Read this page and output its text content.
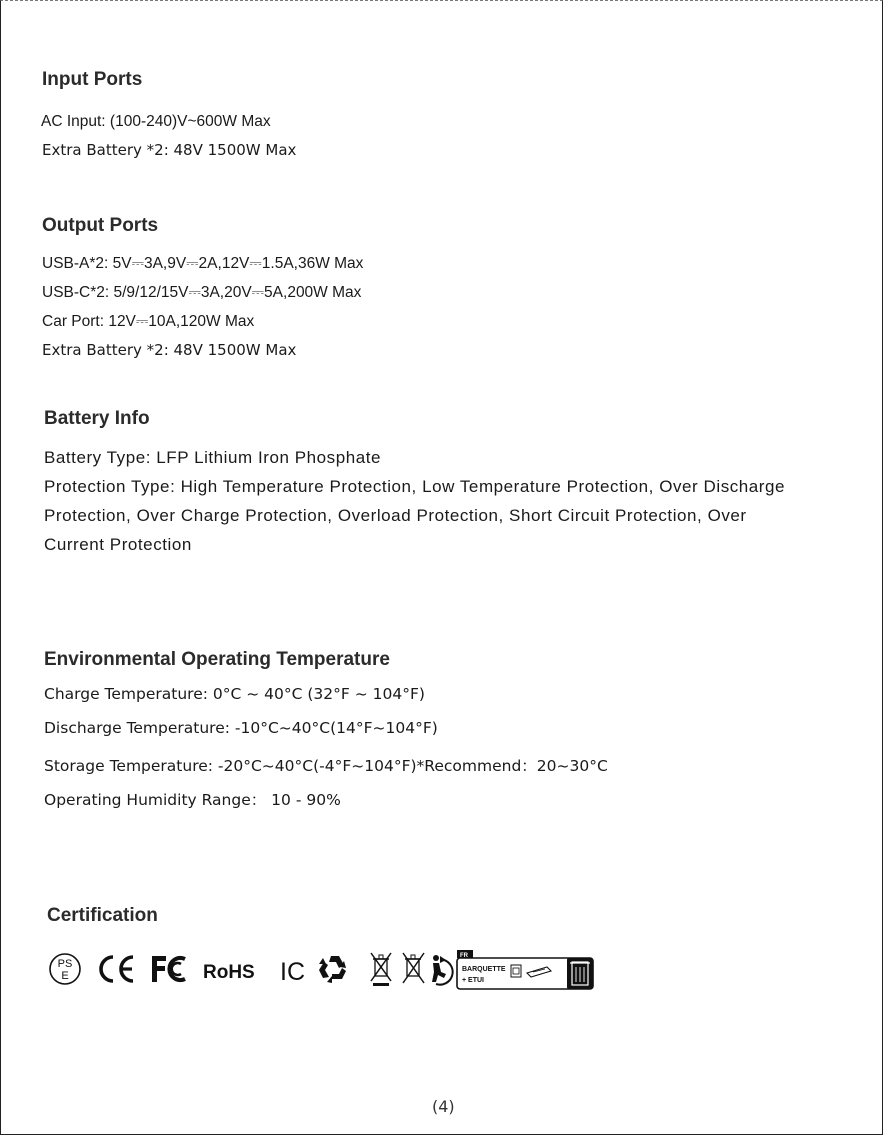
Input Ports

AC Input: (100-240)V~600W Max

Extra Battery *2: 48V 1500W Max

Output Ports

USB-A*2: 5V⎓3A,9V⎓2A,12V⎓1.5A,36W Max

USB-C*2: 5/9/12/15V⎓3A,20V⎓5A,200W Max

Car Port: 12V⎓10A,120W Max

Extra Battery *2: 48V 1500W Max

Battery Info

Battery Type: LFP Lithium Iron Phosphate

Protection Type: High Temperature Protection, Low Temperature Protection, Over Discharge Protection, Over Charge Protection, Overload Protection, Short Circuit Protection, Over Current Protection

Environmental Operating Temperature

Charge Temperature: 0°C ~ 40°C (32°F ~ 104°F)

Discharge Temperature: -10°C~40°C(14°F~104°F)

Storage Temperature: -20°C~40°C(-4°F~104°F)*Recommend：20~30°C

Operating Humidity Range： 10 - 90%

Certification
PS
E	RoHS IC
FR
BARQUETTE
+ ETUI

(4)
